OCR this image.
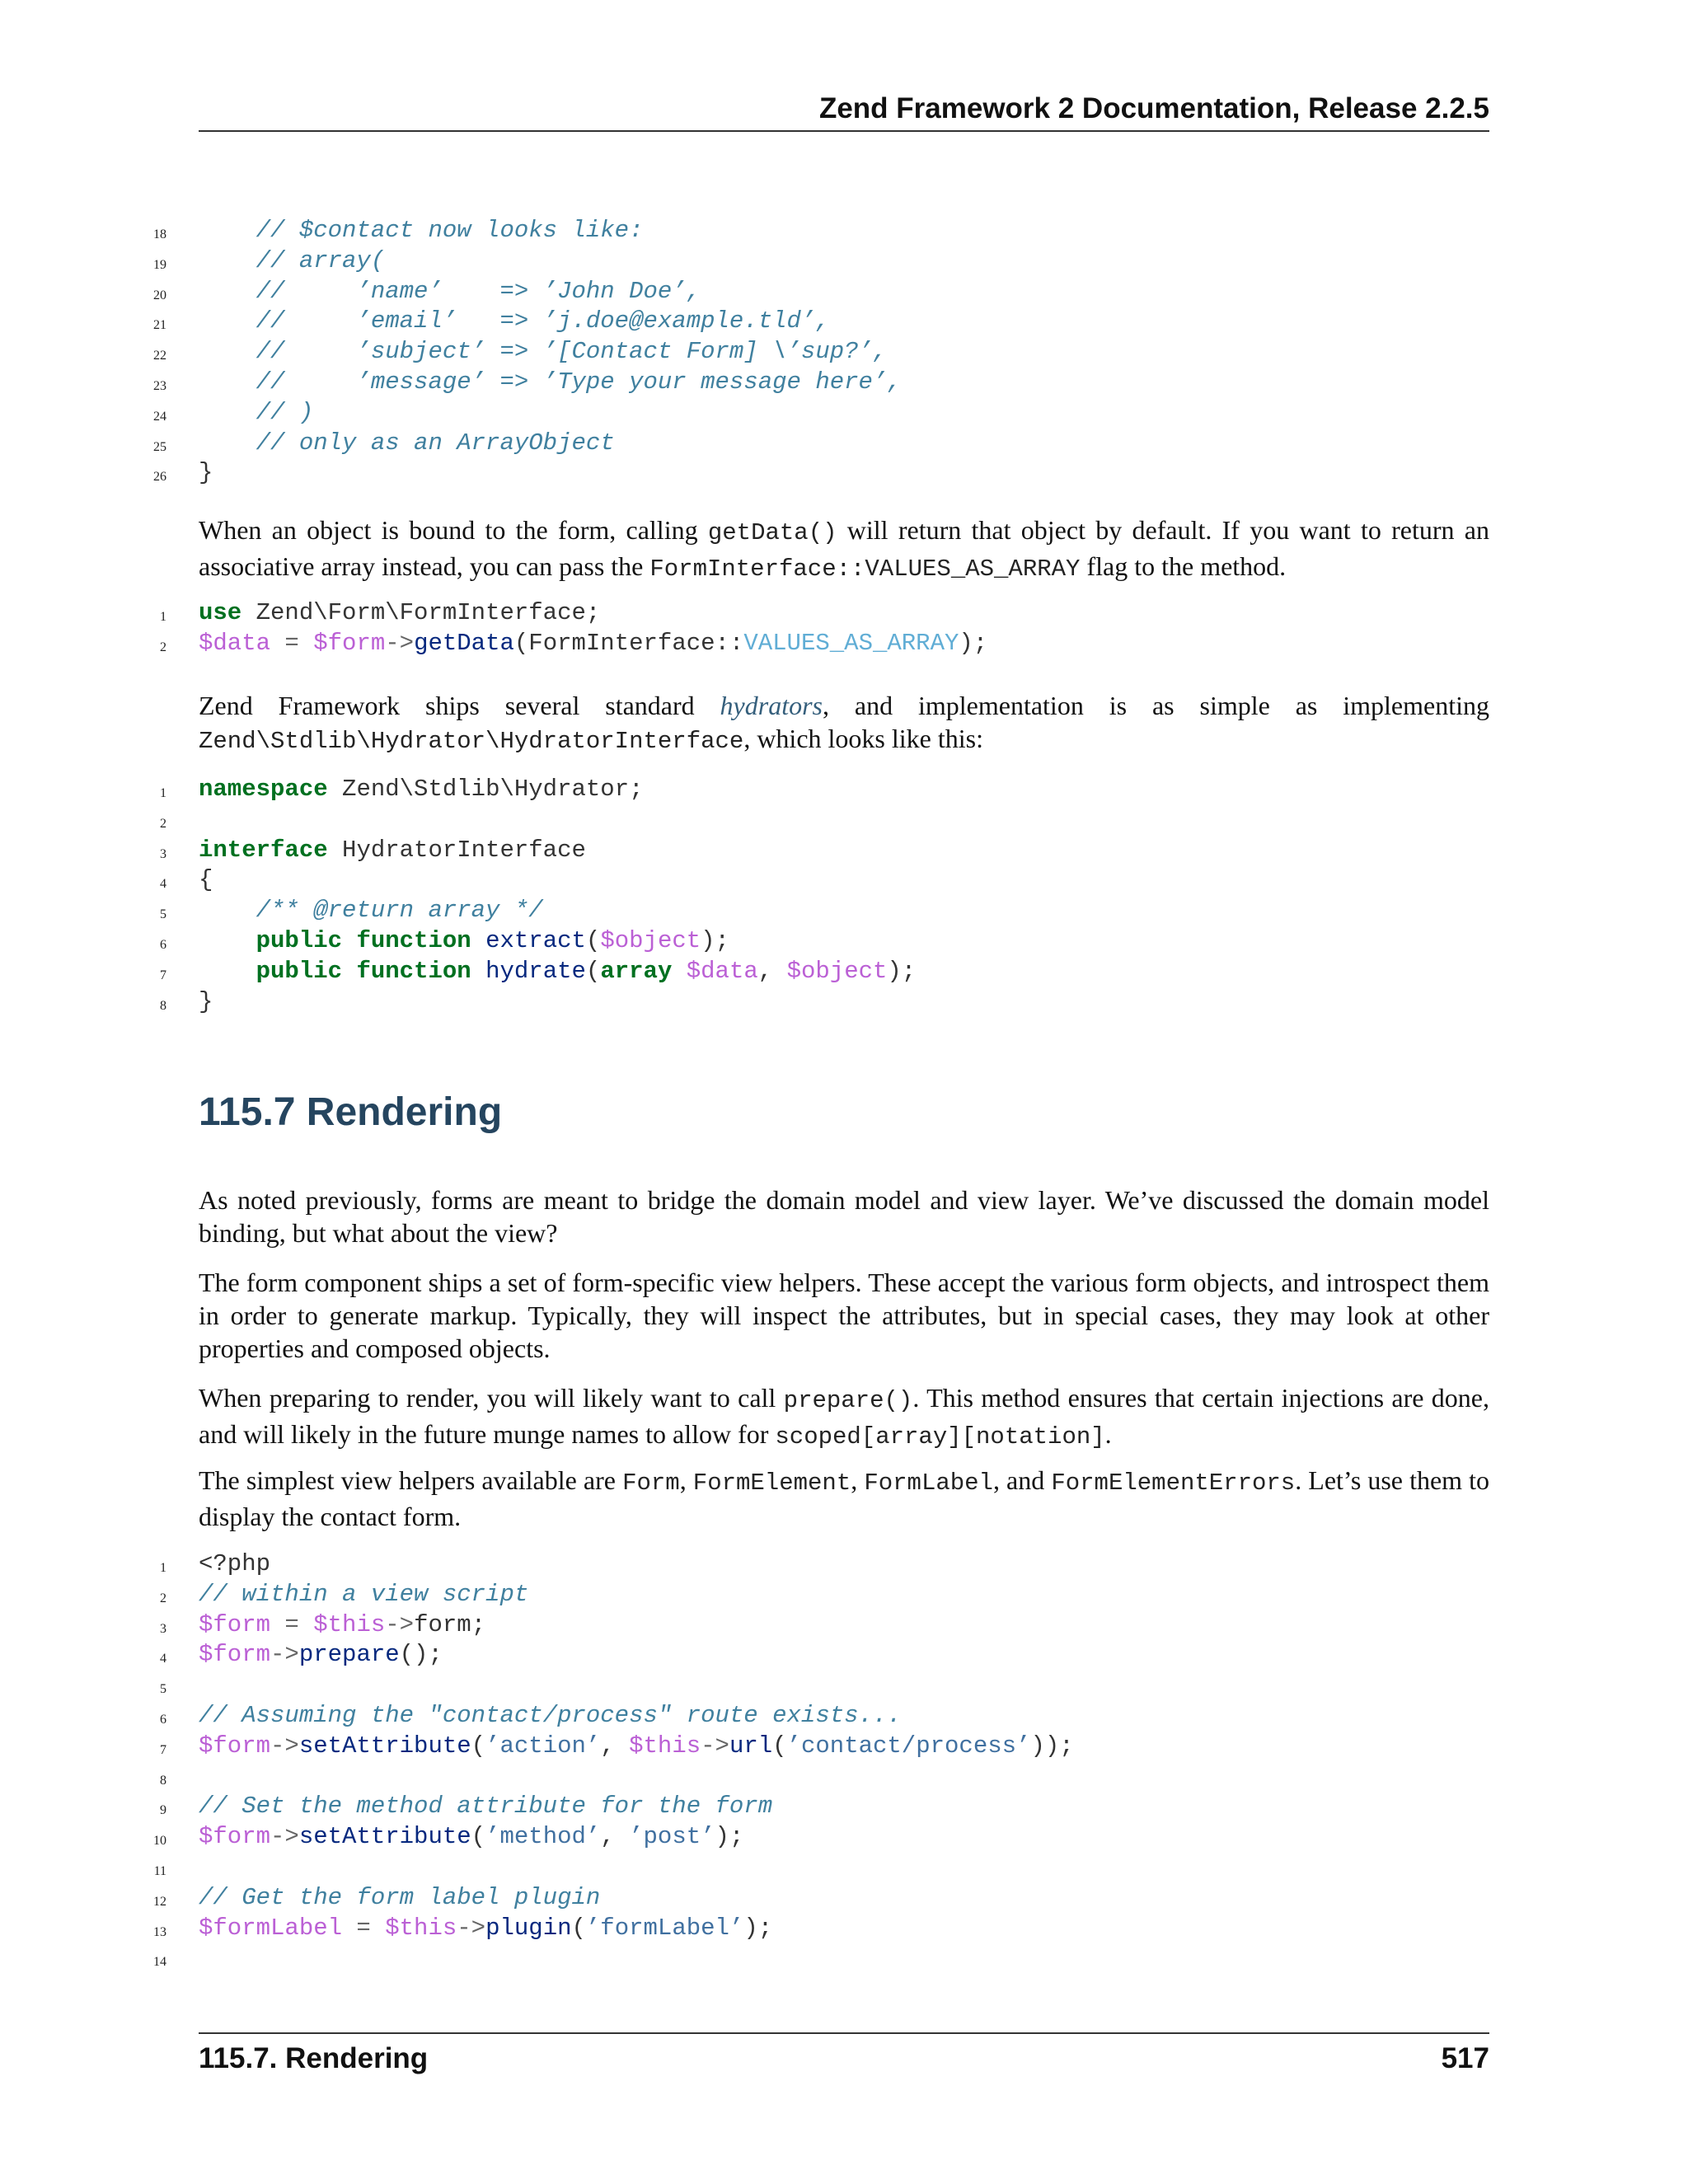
Zend Framework 2 Documentation, Release 2.2.5
18 // $contact now looks like:
19 // array(
20 //     ’name’    => ’John Doe’,
21 //     ’email’   => ’j.doe@example.tld’,
22 //     ’subject’ => ’[Contact Form] \’sup?’,
23 //     ’message’ => ’Type your message here’,
24 // )
25 // only as an ArrayObject
26 }
When an object is bound to the form, calling getData() will return that object by default. If you want to return an associative array instead, you can pass the FormInterface::VALUES_AS_ARRAY flag to the method.
1 use Zend\Form\FormInterface;
2 $data = $form->getData(FormInterface::VALUES_AS_ARRAY);
Zend Framework ships several standard hydrators, and implementation is as simple as implementing Zend\Stdlib\Hydrator\HydratorInterface, which looks like this:
1 namespace Zend\Stdlib\Hydrator;
2
3 interface HydratorInterface
4 {
5 /** @return array */
6	public function extract($object);
7	public function hydrate(array $data, $object);
8 }
115.7 Rendering
As noted previously, forms are meant to bridge the domain model and view layer. We’ve discussed the domain model binding, but what about the view?
The form component ships a set of form-specific view helpers. These accept the various form objects, and introspect them in order to generate markup. Typically, they will inspect the attributes, but in special cases, they may look at other properties and composed objects.
When preparing to render, you will likely want to call prepare(). This method ensures that certain injections are done, and will likely in the future munge names to allow for scoped[array][notation].
The simplest view helpers available are Form, FormElement, FormLabel, and FormElementErrors. Let’s use them to display the contact form.
1 <?php
2 // within a view script
3 $form = $this->form;
4 $form->prepare();
5
6 // Assuming the "contact/process" route exists...
7 $form->setAttribute(’action’, $this->url(’contact/process’));
8
9 // Set the method attribute for the form
10 $form->setAttribute(’method’, ’post’);
11
12 // Get the form label plugin
13 $formLabel = $this->plugin(’formLabel’);
14
115.7. Rendering	517
